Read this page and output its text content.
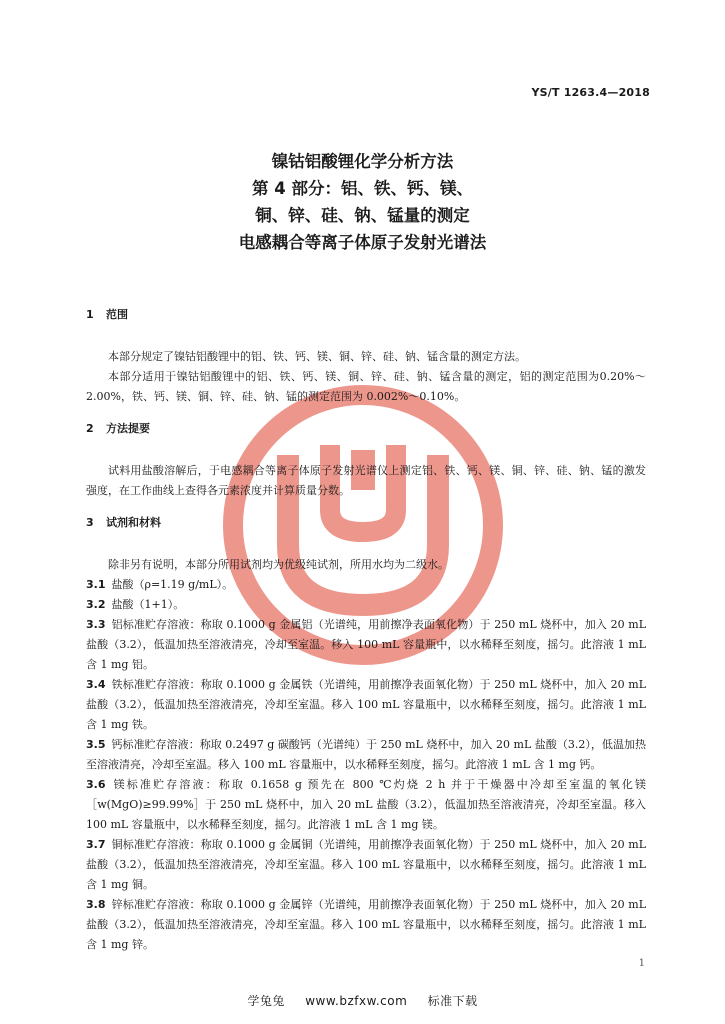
YS/T 1263.4—2018
镍钴铝酸锂化学分析方法
第 4 部分：铝、铁、钙、镁、
铜、锌、硅、钠、锰量的测定
电感耦合等离子体原子发射光谱法

1 范围

本部分规定了镍钴铝酸锂中的铝、铁、钙、镁、铜、锌、硅、钠、锰含量的测定方法。

本部分适用于镍钴铝酸锂中的铝、铁、钙、镁、铜、锌、硅、钠、锰含量的测定，铝的测定范围为0.20%～2.00%，铁、钙、镁、铜、锌、硅、钠、锰的测定范围为 0.002%～0.10%。

2 方法提要

试料用盐酸溶解后，于电感耦合等离子体原子发射光谱仪上测定铝、铁、钙、镁、铜、锌、硅、钠、锰的激发强度，在工作曲线上查得各元素浓度并计算质量分数。

3 试剂和材料

除非另有说明，本部分所用试剂均为优级纯试剂，所用水均为二级水。

3.1 盐酸（ρ=1.19 g/mL）。

3.2 盐酸（1+1）。

3.3 铝标准贮存溶液：称取 0.1000 g 金属铝（光谱纯，用前擦净表面氧化物）于 250 mL 烧杯中，加入 20 mL 盐酸（3.2），低温加热至溶液清亮，冷却至室温。移入 100 mL 容量瓶中，以水稀释至刻度，摇匀。此溶液 1 mL 含 1 mg 铝。

3.4 铁标准贮存溶液：称取 0.1000 g 金属铁（光谱纯，用前擦净表面氧化物）于 250 mL 烧杯中，加入 20 mL 盐酸（3.2），低温加热至溶液清亮，冷却至室温。移入 100 mL 容量瓶中，以水稀释至刻度，摇匀。此溶液 1 mL 含 1 mg 铁。

3.5 钙标准贮存溶液：称取 0.2497 g 碳酸钙（光谱纯）于 250 mL 烧杯中，加入 20 mL 盐酸（3.2），低温加热至溶液清亮，冷却至室温。移入 100 mL 容量瓶中，以水稀释至刻度，摇匀。此溶液 1 mL 含 1 mg 钙。

3.6 镁标准贮存溶液：称取 0.1658 g 预先在 800 ℃灼烧 2 h 并于干燥器中冷却至室温的氧化镁［w(MgO)≥99.99%］于 250 mL 烧杯中，加入 20 mL 盐酸（3.2），低温加热至溶液清亮，冷却至室温。移入 100 mL 容量瓶中，以水稀释至刻度，摇匀。此溶液 1 mL 含 1 mg 镁。

3.7 铜标准贮存溶液：称取 0.1000 g 金属铜（光谱纯，用前擦净表面氧化物）于 250 mL 烧杯中，加入 20 mL 盐酸（3.2），低温加热至溶液清亮，冷却至室温。移入 100 mL 容量瓶中，以水稀释至刻度，摇匀。此溶液 1 mL 含 1 mg 铜。

3.8 锌标准贮存溶液：称取 0.1000 g 金属锌（光谱纯，用前擦净表面氧化物）于 250 mL 烧杯中，加入 20 mL 盐酸（3.2），低温加热至溶液清亮，冷却至室温。移入 100 mL 容量瓶中，以水稀释至刻度，摇匀。此溶液 1 mL 含 1 mg 锌。

1
学兔兔 www.bzfxw.com 标准下载
